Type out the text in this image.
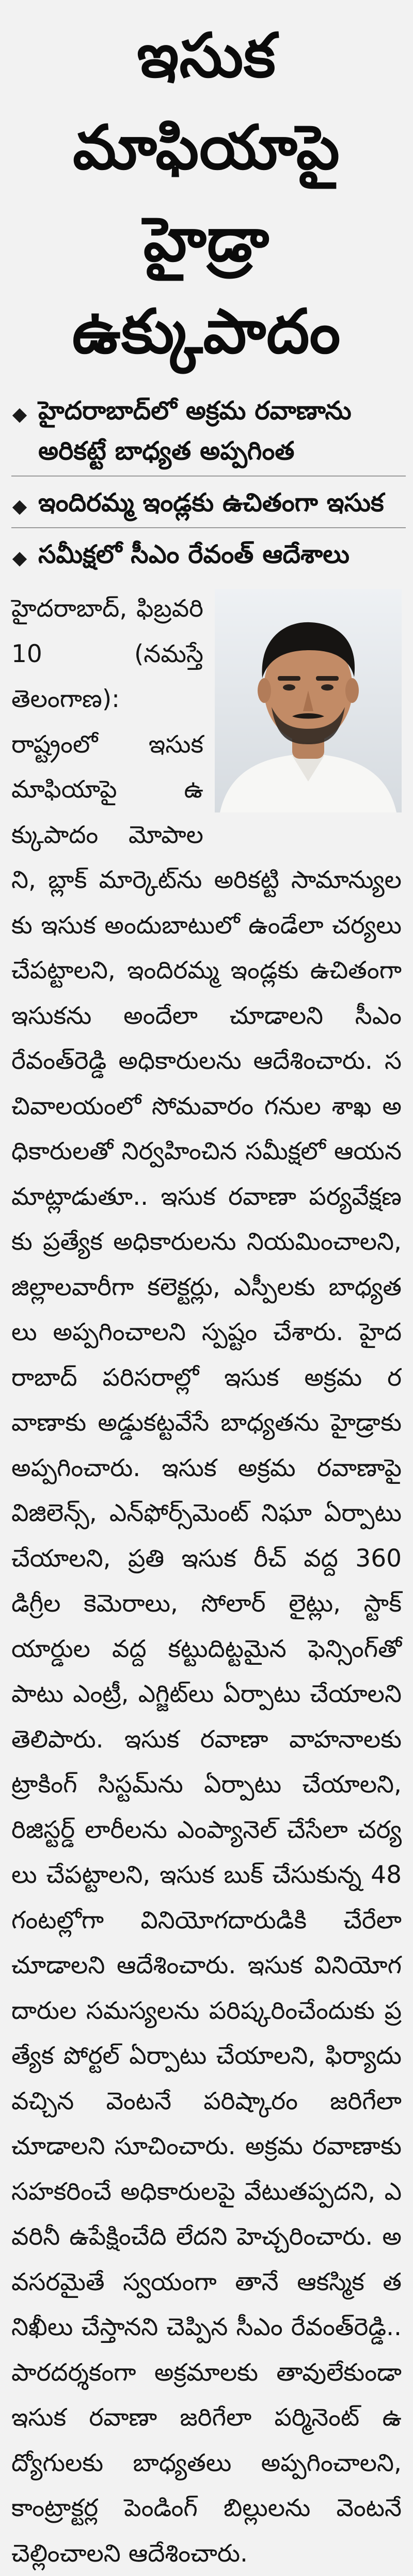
ఇసుక మాఫియాపై
హైడ్రా ఉక్కుపాదం
హైదరాబాద్‌లో అక్రమ రవాణాను అరికట్టే బాధ్యత అప్పగింత
ఇందిరమ్మ ఇండ్లకు ఉచితంగా ఇసుక
సమీక్షలో సీఎం రేవంత్ ఆదేశాలు

హైదరాబాద్, ఫిబ్రవరి 10 (నమస్తే తెలంగాణ): రాష్ట్రంలో ఇసుక మాఫియాపై ఉక్కుపాదం మోపాలని, బ్లాక్ మార్కెట్‌ను అరికట్టి సామాన్యులకు ఇసుక అందుబాటులో ఉండేలా చర్యలు చేపట్టాలని, ఇందిరమ్మ ఇండ్లకు ఉచితంగా ఇసుకను అందేలా చూడాలని సీఎం రేవంత్‌రెడ్డి అధికారులను ఆదేశించారు. సచివాలయంలో సోమవారం గనుల శాఖ అధికారులతో నిర్వహించిన సమీక్షలో ఆయన మాట్లాడుతూ.. ఇసుక రవాణా పర్యవేక్షణకు ప్రత్యేక అధికారులను నియమించాలని, జిల్లాలవారీగా కలెక్టర్లు, ఎస్పీలకు బాధ్యతలు అప్పగించాలని స్పష్టం చేశారు. హైదరాబాద్ పరిసరాల్లో ఇసుక అక్రమ రవాణాకు అడ్డుకట్టవేసే బాధ్యతను హైడ్రాకు అప్పగించారు. ఇసుక అక్రమ రవాణాపై విజిలెన్స్, ఎన్‌ఫోర్స్‌మెంట్ నిఘా ఏర్పాటు చేయాలని, ప్రతి ఇసుక రీచ్ వద్ద 360 డిగ్రీల కెమెరాలు, సోలార్ లైట్లు, స్టాక్ యార్డుల వద్ద కట్టుదిట్టమైన ఫెన్సింగ్‌తో పాటు ఎంట్రీ, ఎగ్జిట్‌లు ఏర్పాటు చేయాలని తెలిపారు. ఇసుక రవాణా వాహనాలకు ట్రాకింగ్ సిస్టమ్‌ను ఏర్పాటు చేయాలని, రిజిస్టర్డ్ లారీలను ఎంప్యానెల్ చేసేలా చర్యలు చేపట్టాలని, ఇసుక బుక్ చేసుకున్న 48 గంటల్లోగా వినియోగదారుడికి చేరేలా చూడాలని ఆదేశించారు. ఇసుక వినియోగదారుల సమస్యలను పరిష్కరించేందుకు ప్రత్యేక పోర్టల్ ఏర్పాటు చేయాలని, ఫిర్యాదు వచ్చిన వెంటనే పరిష్కారం జరిగేలా చూడాలని సూచించారు. అక్రమ రవాణాకు సహకరించే అధికారులపై వేటుతప్పదని, ఎవరినీ ఉపేక్షించేది లేదని హెచ్చరించారు. అవసరమైతే స్వయంగా తానే ఆకస్మిక తనిఖీలు చేస్తానని చెప్పిన సీఎం రేవంత్‌రెడ్డి.. పారదర్శకంగా అక్రమాలకు తావులేకుండా ఇసుక రవాణా జరిగేలా పర్మినెంట్ ఉద్యోగులకు బాధ్యతలు అప్పగించాలని, కాంట్రాక్టర్ల పెండింగ్ బిల్లులను వెంటనే చెల్లించాలని ఆదేశించారు.
